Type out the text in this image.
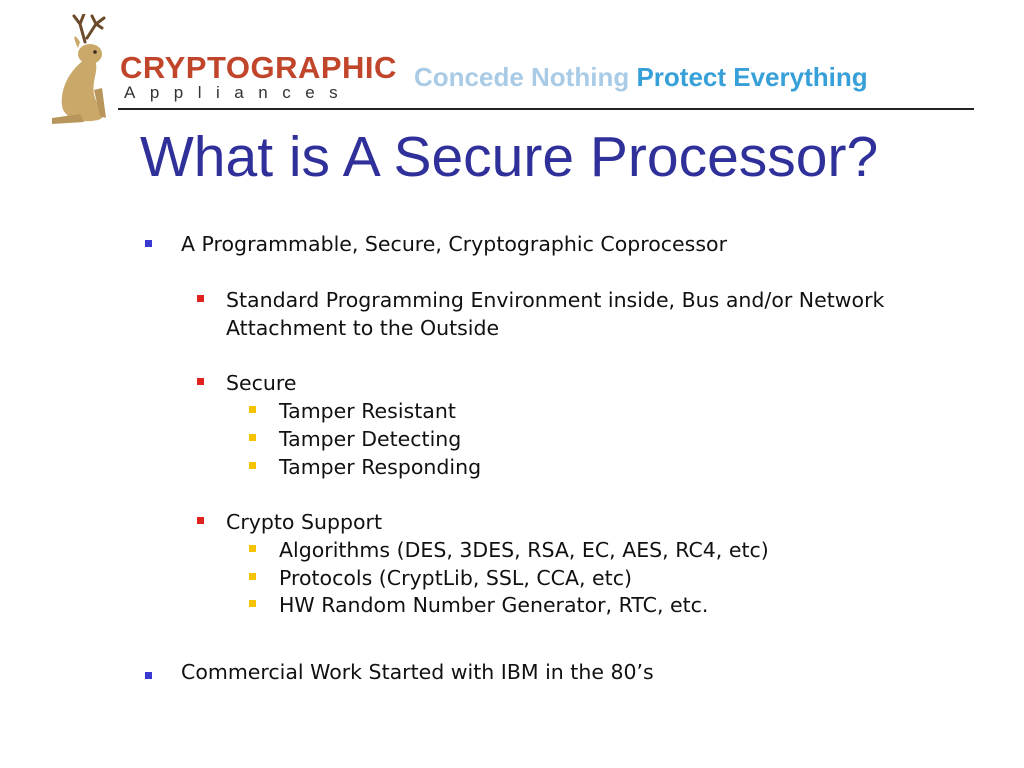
CRYPTOGRAPHIC
Appliances
Concede Nothing Protect Everything
What is A Secure Processor?
A Programmable, Secure, Cryptographic Coprocessor
Standard Programming Environment inside, Bus and/or Network
Attachment to the Outside
Secure
Tamper Resistant
Tamper Detecting
Tamper Responding
Crypto Support
Algorithms (DES, 3DES, RSA, EC, AES, RC4, etc)
Protocols (CryptLib, SSL, CCA, etc)
HW Random Number Generator, RTC, etc.
Commercial Work Started with IBM in the 80’s
